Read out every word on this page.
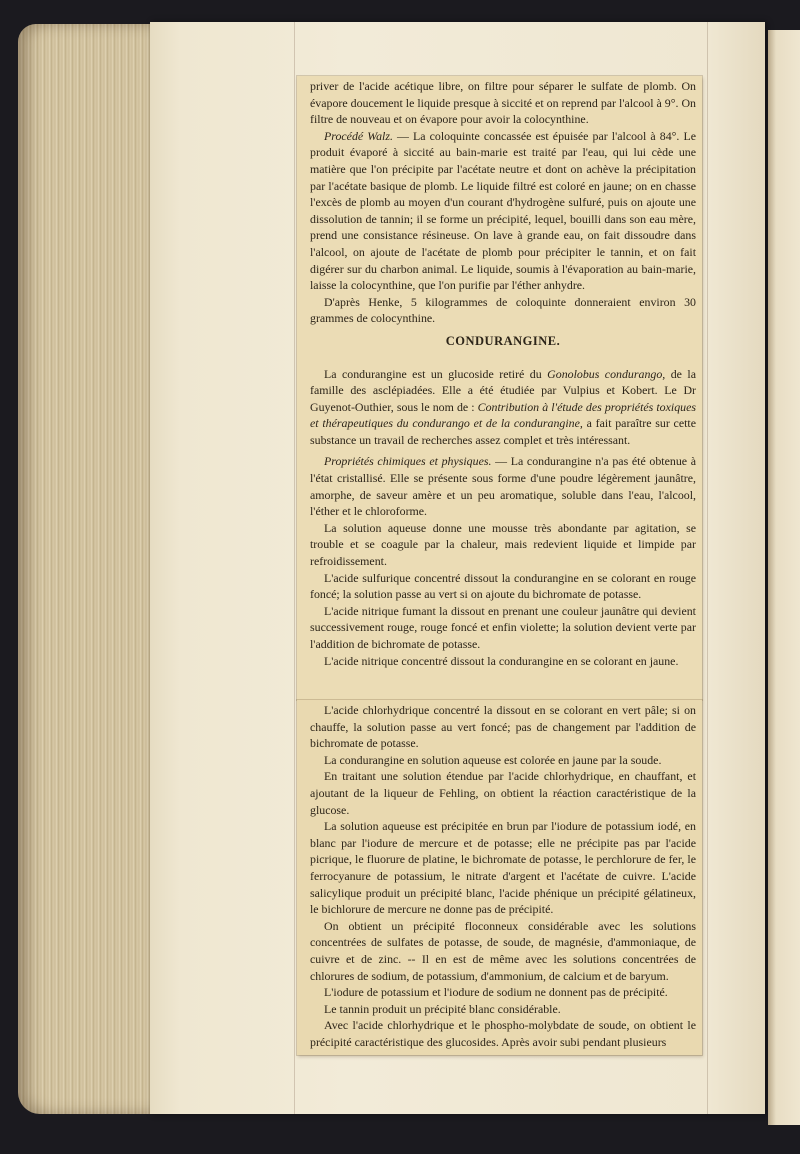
priver de l'acide acétique libre, on filtre pour séparer le sulfate de plomb. On évapore doucement le liquide presque à siccité et on reprend par l'alcool à 9°. On filtre de nouveau et on évapore pour avoir la colocynthine.

Procédé Walz. — La coloquinte concassée est épuisée par l'alcool à 84°. Le produit évaporé à siccité au bain-marie est traité par l'eau, qui lui cède une matière que l'on précipite par l'acétate neutre et dont on achève la précipitation par l'acétate basique de plomb. Le liquide filtré est coloré en jaune; on en chasse l'excès de plomb au moyen d'un courant d'hydrogène sulfuré, puis on ajoute une dissolution de tannin; il se forme un précipité, lequel, bouilli dans son eau mère, prend une consistance résineuse. On lave à grande eau, on fait dissoudre dans l'alcool, on ajoute de l'acétate de plomb pour précipiter le tannin, et on fait digérer sur du charbon animal. Le liquide, soumis à l'évaporation au bain-marie, laisse la colocynthine, que l'on purifie par l'éther anhydre.

D'après Henke, 5 kilogrammes de coloquinte donneraient environ 30 grammes de colocynthine.

CONDURANGINE.

La condurangine est un glucoside retiré du Gonolobus condurango, de la famille des asclépiadées. Elle a été étudiée par Vulpius et Kobert. Le Dr Guyenot-Outhier, sous le nom de : Contribution à l'étude des propriétés toxiques et thérapeutiques du condurango et de la condurangine, a fait paraître sur cette substance un travail de recherches assez complet et très intéressant.

Propriétés chimiques et physiques. — La condurangine n'a pas été obtenue à l'état cristallisé. Elle se présente sous forme d'une poudre légèrement jaunâtre, amorphe, de saveur amère et un peu aromatique, soluble dans l'eau, l'alcool, l'éther et le chloroforme.

La solution aqueuse donne une mousse très abondante par agitation, se trouble et se coagule par la chaleur, mais redevient liquide et limpide par refroidissement.

L'acide sulfurique concentré dissout la condurangine en se colorant en rouge foncé; la solution passe au vert si on ajoute du bichromate de potasse.

L'acide nitrique fumant la dissout en prenant une couleur jaunâtre qui devient successivement rouge, rouge foncé et enfin violette; la solution devient verte par l'addition de bichromate de potasse.

L'acide nitrique concentré dissout la condurangine en se colorant en jaune.

L'acide chlorhydrique concentré la dissout en se colorant en vert pâle; si on chauffe, la solution passe au vert foncé; pas de changement par l'addition de bichromate de potasse.

La condurangine en solution aqueuse est colorée en jaune par la soude.

En traitant une solution étendue par l'acide chlorhydrique, en chauffant, et ajoutant de la liqueur de Fehling, on obtient la réaction caractéristique de la glucose.

La solution aqueuse est précipitée en brun par l'iodure de potassium iodé, en blanc par l'iodure de mercure et de potasse; elle ne précipite pas par l'acide picrique, le fluorure de platine, le bichromate de potasse, le perchlorure de fer, le ferrocyanure de potassium, le nitrate d'argent et l'acétate de cuivre. L'acide salicylique produit un précipité blanc, l'acide phénique un précipité gélatineux, le bichlorure de mercure ne donne pas de précipité.

On obtient un précipité floconneux considérable avec les solutions concentrées de sulfates de potasse, de soude, de magnésie, d'ammoniaque, de cuivre et de zinc. -- Il en est de même avec les solutions concentrées de chlorures de sodium, de potassium, d'ammonium, de calcium et de baryum.

L'iodure de potassium et l'iodure de sodium ne donnent pas de précipité.

Le tannin produit un précipité blanc considérable.

Avec l'acide chlorhydrique et le phospho-molybdate de soude, on obtient le précipité caractéristique des glucosides. Après avoir subi pendant plusieurs
